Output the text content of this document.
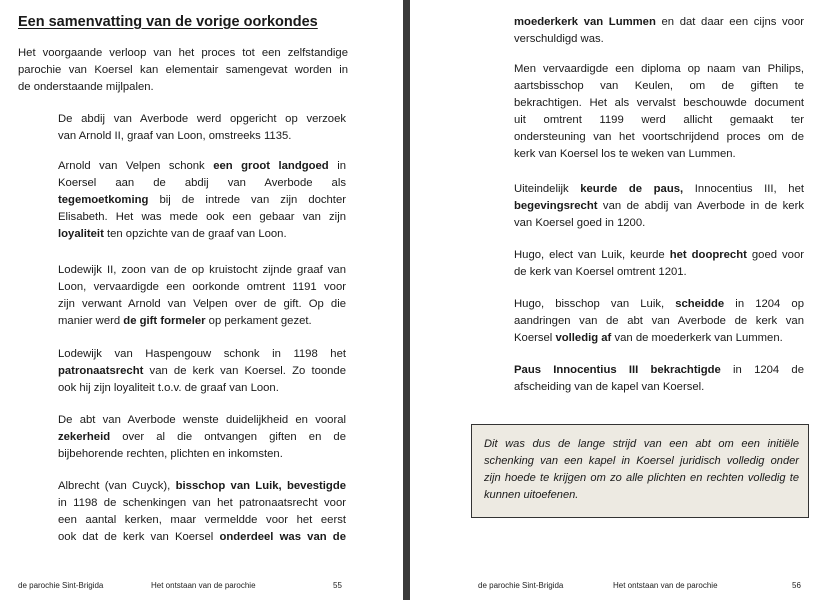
Een samenvatting van de vorige oorkondes

Het voorgaande verloop van het proces tot een zelfstandige
parochie van Koersel kan elementair samengevat worden in
de onderstaande mijlpalen.

De abdij van Averbode werd opgericht op verzoek
van Arnold II, graaf van Loon, omstreeks 1135.

Arnold van Velpen schonk een groot landgoed in
Koersel aan de abdij van Averbode als
tegemoetkoming bij de intrede van zijn dochter
Elisabeth. Het was mede ook een gebaar van zijn
loyaliteit ten opzichte van de graaf van Loon.

Lodewijk II, zoon van de op kruistocht zijnde graaf van
Loon, vervaardigde een oorkonde omtrent 1191 voor
zijn verwant Arnold van Velpen over de gift. Op die
manier werd de gift formeler op perkament gezet.

Lodewijk van Haspengouw schonk in 1198 het
patronaatsrecht van de kerk van Koersel. Zo toonde
ook hij zijn loyaliteit t.o.v. de graaf van Loon.

De abt van Averbode wenste duidelijkheid en vooral
zekerheid over al die ontvangen giften en de
bijbehorende rechten, plichten en inkomsten.

Albrecht (van Cuyck), bisschop van Luik, bevestigde
in 1198 de schenkingen van het patronaatsrecht voor
een aantal kerken, maar vermeldde voor het eerst
ook dat de kerk van Koersel onderdeel was van de

de parochie Sint-Brigida	Het ontstaan van de parochie	55

moederkerk van Lummen en dat daar een cijns voor
verschuldigd was.

Men vervaardigde een diploma op naam van Philips,
aartsbisschop van Keulen, om de giften te
bekrachtigen. Het als vervalst beschouwde document
uit omtrent 1199 werd allicht gemaakt ter
ondersteuning van het voortschrijdend proces om de
kerk van Koersel los te weken van Lummen.

Uiteindelijk keurde de paus, Innocentius III, het
begevingsrecht van de abdij van Averbode in de kerk
van Koersel goed in 1200.

Hugo, elect van Luik, keurde het dooprecht goed voor
de kerk van Koersel omtrent 1201.

Hugo, bisschop van Luik, scheidde in 1204 op
aandringen van de abt van Averbode de kerk van
Koersel volledig af van de moederkerk van Lummen.

Paus Innocentius III bekrachtigde in 1204 de
afscheiding van de kapel van Koersel.

de parochie Sint-Brigida	Het ontstaan van de parochie	56

Dit was dus de lange strijd van een abt om een initiële
schenking van een kapel in Koersel juridisch volledig onder
zijn hoede te krijgen om zo alle plichten en rechten volledig te
kunnen uitoefenen.
